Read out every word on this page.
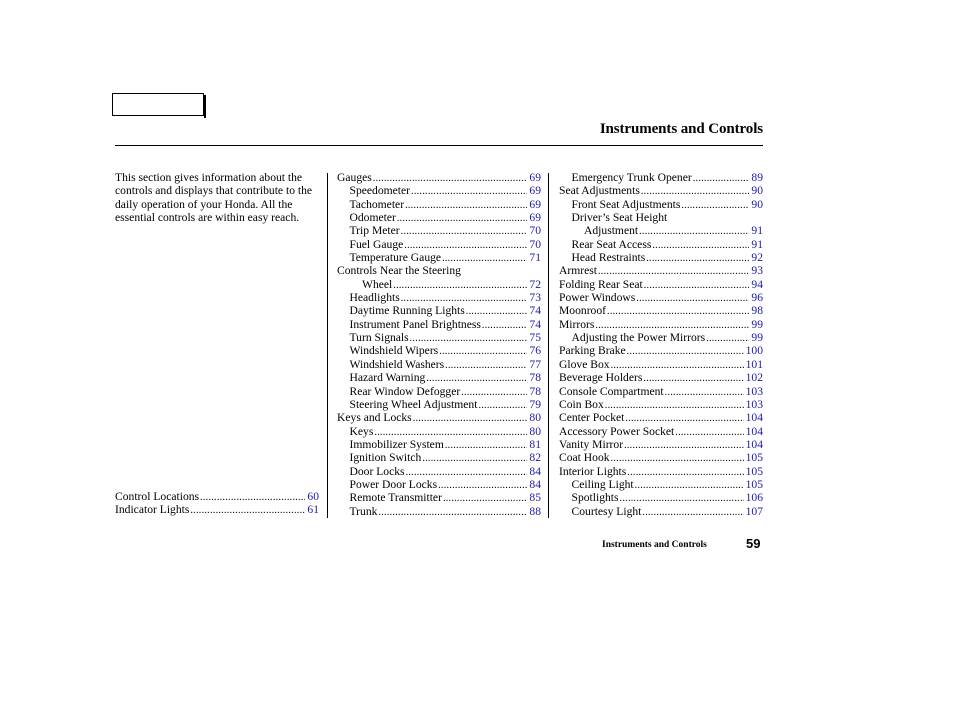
Instruments and Controls

This section gives information about the controls and displays that contribute to the daily operation of your Honda. All the essential controls are within easy reach.

Control Locations .....	60
Indicator Lights .....	61
Gauges .....	69
Speedometer .....	69
Tachometer .....	69
Odometer .....	69
Trip Meter .....	70
Fuel Gauge .....	70
Temperature Gauge .....	71
Controls Near the Steering
Wheel .....	72
Headlights .....	73
Daytime Running Lights .....	74
Instrument Panel Brightness .....	74
Turn Signals .....	75
Windshield Wipers .....	76
Windshield Washers .....	77
Hazard Warning .....	78
Rear Window Defogger .....	78
Steering Wheel Adjustment .....	79
Keys and Locks .....	80
Keys .....	80
Immobilizer System .....	81
Ignition Switch .....	82
Door Locks .....	84
Power Door Locks .....	84
Remote Transmitter .....	85
Trunk .....	88
Emergency Trunk Opener .....	89
Seat Adjustments .....	90
Front Seat Adjustments .....	90
Driver’s Seat Height
Adjustment .....	91
Rear Seat Access .....	91
Head Restraints .....	92
Armrest .....	93
Folding Rear Seat .....	94
Power Windows .....	96
Moonroof .....	98
Mirrors .....	99
Adjusting the Power Mirrors .....	99
Parking Brake .....	100
Glove Box .....	101
Beverage Holders .....	102
Console Compartment .....	103
Coin Box .....	103
Center Pocket .....	104
Accessory Power Socket .....	104
Vanity Mirror .....	104
Coat Hook .....	105
Interior Lights .....	105
Ceiling Light .....	105
Spotlights .....	106
Courtesy Light .....	107
Instruments and Controls	59
